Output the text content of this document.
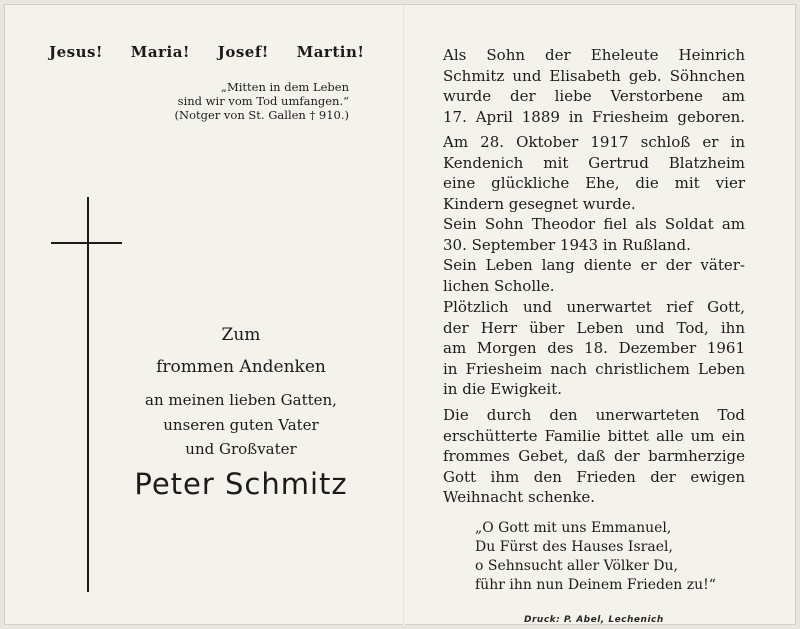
Jesus! Maria! Josef! Martin!
„Mitten in dem Leben
sind wir vom Tod umfangen.“
(Notger von St. Gallen † 910.)
Zum
frommen Andenken
an meinen lieben Gatten,
unseren guten Vater
und Großvater
Peter Schmitz
Als Sohn der Eheleute Heinrich
Schmitz und Elisabeth geb. Söhnchen
wurde der liebe Verstorbene am
17. April 1889 in Friesheim geboren.
Am 28. Oktober 1917 schloß er in
Kendenich mit Gertrud Blatzheim
eine glückliche Ehe, die mit vier
Kindern gesegnet wurde.
Sein Sohn Theodor fiel als Soldat am
30. September 1943 in Rußland.
Sein Leben lang diente er der väter-
lichen Scholle.
Plötzlich und unerwartet rief Gott,
der Herr über Leben und Tod, ihn
am Morgen des 18. Dezember 1961
in Friesheim nach christlichem Leben
in die Ewigkeit.
Die durch den unerwarteten Tod
erschütterte Familie bittet alle um ein
frommes Gebet, daß der barmherzige
Gott ihm den Frieden der ewigen
Weihnacht schenke.
„O Gott mit uns Emmanuel,
Du Fürst des Hauses Israel,
o Sehnsucht aller Völker Du,
führ ihn nun Deinem Frieden zu!“
Druck: P. Abel, Lechenich
